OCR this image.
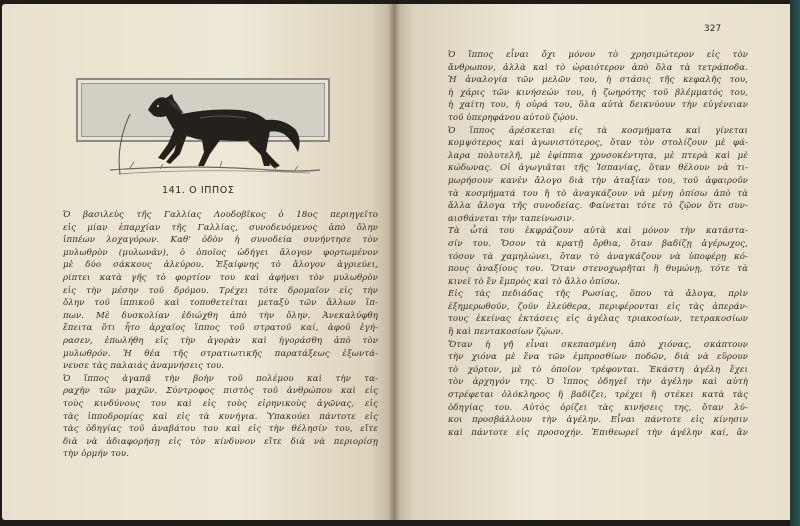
327
141. Ο ΙΠΠΟΣ
Ὁ βασιλεὺς τῆς Γαλλίας Λουδοβῖκος ὁ 18ος περιηγεῖτο
εἰς μίαν ἐπαρχίαν τῆς Γαλλίας, συνοδευόμενος ἀπὸ ὄλην
ἱππέων λοχαγόρων. Καθ' ὁδὸν ἡ συνοδεία συνήντησε τὸν
μυλωθρὸν (μυλωνᾶν), ὁ ὁποῖος ὡδήγει ἄλογον φορτωμένον
μὲ δύο σάκκους ἀλεύρου. Ἐξαίφνης τὸ ἄλογον ἀγριεύει,
ρίπτει κατὰ γῆς τὸ φορτίον του καὶ ἀφήνει τὸν μυλωθρὸν
εἰς τὴν μέσην τοῦ δρόμου. Τρέχει τότε δρομαῖον εἰς τὴν
ὄλην τοῦ ἱππικοῦ καὶ τοποθετεῖται μεταξὺ τῶν ἄλλων ἵπ-
πων. Μὲ δυσκολίαν ἐδιώχθη ἀπὸ τὴν ὄλην. Ἀνεκαλύφθη
ἔπειτα ὅτι ἦτο ἀρχαῖος ἵππος τοῦ στρατοῦ καί, ἀφοῦ ἐγή-
ρασεν, ἐπωλήθη εἰς τὴν ἀγορὰν καὶ ἠγοράσθη ἀπὸ τὸν
μυλωθρόν. Ἡ θέα τῆς στρατιωτικῆς παρατάξεως ἐξωντά-
νευσε τὰς παλαιάς ἀναμνήσεις του.
Ὁ ἵππος ἀγαπᾷ τὴν βοὴν τοῦ πολέμου καὶ τὴν τα-
ραχὴν τῶν μαχῶν. Σύντροφος πιστὸς τοῦ ἀνθρώπου καὶ εἰς
τοὺς κινδύνους του καὶ εἰς τοὺς εἰρηνικοὺς ἀγῶνας, εἰς
τὰς ἱπποδρομίας καὶ εἰς τὰ κυνήγια. Ὑπακούει πάντοτε εἰς
τὰς ὁδηγίας τοῦ ἀναβάτου του καὶ εἰς τὴν θέλησίν του, εἴτε
διὰ νὰ ἀδιαφορήσῃ εἰς τὸν κίνδυνον εἴτε διὰ νὰ περιορίσῃ
τὴν ὁρμήν του.
Ὁ ἵππος εἶναι ὄχι μόνον τὸ χρησιμώτερον εἰς τὸν
ἄνθρωπον, ἀλλὰ καὶ τὸ ὡραιότερον ἀπὸ ὅλα τὰ τετράποδα.
Ἡ ἀναλογία τῶν μελῶν του, ἡ στάσις τῆς κεφαλῆς του,
ἡ χάρις τῶν κινήσεών του, ἡ ζωηρότης τοῦ βλέμματός του,
ἡ χαίτη του, ἡ οὐρά του, ὅλα αὐτὰ δεικνύουν τὴν εὐγένειαν
τοῦ ὑπερηφάνου αὐτοῦ ζῴου.
Ὁ ἵππος ἀρέσκεται εἰς τὰ κοσμήματα καὶ γίνεται
κομψότερος καὶ ἀγωνιστότερος, ὅταν τὸν στολίζουν μὲ φά-
λαρα πολυτελῆ, μὲ ἐφίππια χρυσοκέντητα, μὲ πτερὰ καὶ μὲ
κώδωνας. Οἱ ἀγωγιᾶται τῆς Ἱσπανίας, ὅταν θέλουν νὰ τι-
μωρήσουν κανὲν ἄλογο διὰ τὴν ἀταξίαν του, τοῦ ἀφαιροῦν
τὰ κοσμήματά του ἢ τὸ ἀναγκάζουν νὰ μένῃ ὀπίσω ἀπὸ τὰ
ἄλλα ἄλογα τῆς συνοδείας. Φαίνεται τότε τὸ ζῷον ὅτι συν-
αισθάνεται τὴν ταπείνωσιν.
Τὰ ὦτά του ἐκφράζουν αὐτὰ καὶ μόνον τὴν κατάστα-
σίν του. Ὅσον τὰ κρατῇ ὄρθια, ὅταν βαδίζῃ ἀγέρωχος,
τόσον τὰ χαμηλώνει, ὅταν τὸ ἀναγκάζουν νὰ ὑποφέρῃ κό-
πους ἀναξίους του. Ὅταν στενοχωρῆται ἢ θυμώνῃ, τότε τὰ
κινεῖ τὸ ἓν ἔμπρὸς καὶ τὸ ἄλλο ὀπίσω.
Εἰς τὰς πεδιάδας τῆς Ρωσίας, ὅπου τὰ ἄλογα, πρὶν
ἐξημερωθοῦν, ζοῦν ἐλεύθερα, περιφέρονται εἰς τὰς ἀπεράν-
τους ἐκείνας ἐκτάσεις εἰς ἀγέλας τριακοσίων, τετρακοσίων
ἢ καὶ πεντακοσίων ζῴων.
Ὅταν ἡ γῆ εἶναι σκεπασμένη ἀπὸ χιόνας, σκάπτουν
τὴν χιόνα μὲ ἕνα τῶν ἐμπροσθίων ποδῶν, διὰ νὰ εὕρουν
τὸ χόρτον, μὲ τὸ ὁποῖον τρέφονται. Ἑκάστη ἀγέλη ἔχει
τὸν ἀρχηγόν της. Ὁ ἵππος ὁδηγεῖ τὴν ἀγέλην καὶ αὐτὴ
στρέφεται ὁλόκληρος ἢ βαδίζει, τρέχει ἢ στέκει κατὰ τὰς
ὁδηγίας του. Αὐτὸς ὁρίζει τὰς κινήσεις της, ὅταν λύ-
κοι προσβάλλουν τὴν ἀγέλην. Εἶναι πάντοτε εἰς κίνησιν
καὶ πάντοτε εἰς προσοχήν. Ἐπιθεωρεῖ τὴν ἀγέλην καί, ἂν
